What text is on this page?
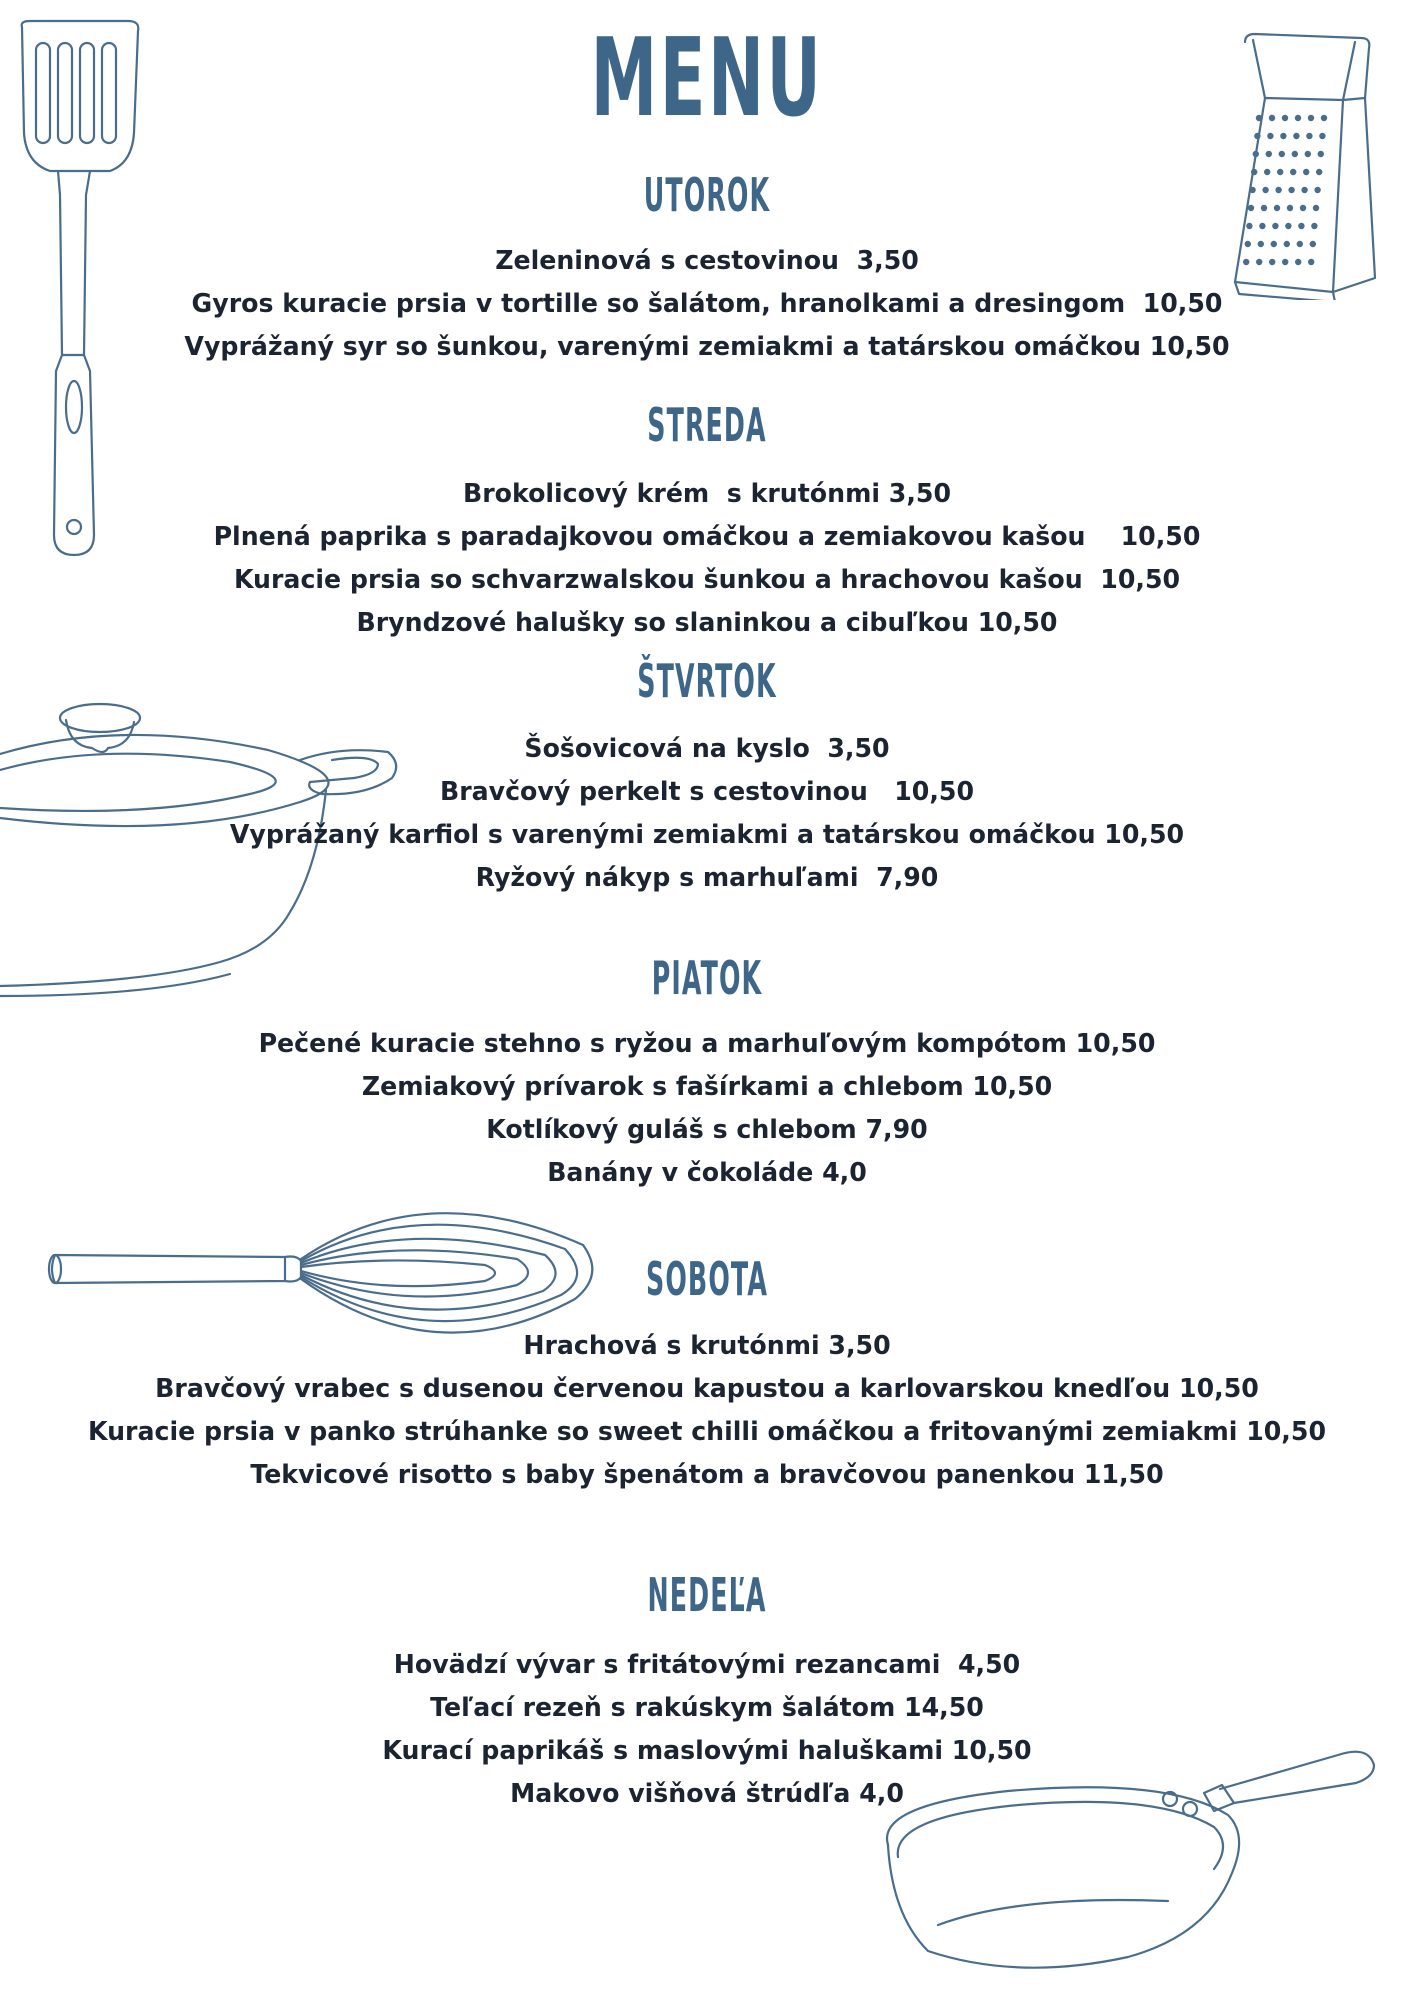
MENU
UTOROK

Zeleninová s cestovinou  3,50

Gyros kuracie prsia v tortille so šalátom, hranolkami a dresingom  10,50

Vyprážaný syr so šunkou, varenými zemiakmi a tatárskou omáčkou 10,50

STREDA

Brokolicový krém  s krutónmi 3,50

Plnená paprika s paradajkovou omáčkou a zemiakovou kašou    10,50

Kuracie prsia so schvarzwalskou šunkou a hrachovou kašou  10,50

Bryndzové halušky so slaninkou a cibuľkou 10,50

ŠTVRTOK

Šošovicová na kyslo  3,50

Bravčový perkelt s cestovinou   10,50

Vyprážaný karfiol s varenými zemiakmi a tatárskou omáčkou 10,50

Ryžový nákyp s marhuľami  7,90

PIATOK

Pečené kuracie stehno s ryžou a marhuľovým kompótom 10,50

Zemiakový prívarok s fašírkami a chlebom 10,50

Kotlíkový guláš s chlebom 7,90

Banány v čokoláde 4,0

SOBOTA

Hrachová s krutónmi 3,50

Bravčový vrabec s dusenou červenou kapustou a karlovarskou knedľou 10,50

Kuracie prsia v panko strúhanke so sweet chilli omáčkou a fritovanými zemiakmi 10,50

Tekvicové risotto s baby špenátom a bravčovou panenkou 11,50

NEDEĽA

Hovädzí vývar s fritátovými rezancami  4,50

Teľací rezeň s rakúskym šalátom 14,50

Kurací paprikáš s maslovými haluškami 10,50

Makovo višňová štrúdľa 4,0
